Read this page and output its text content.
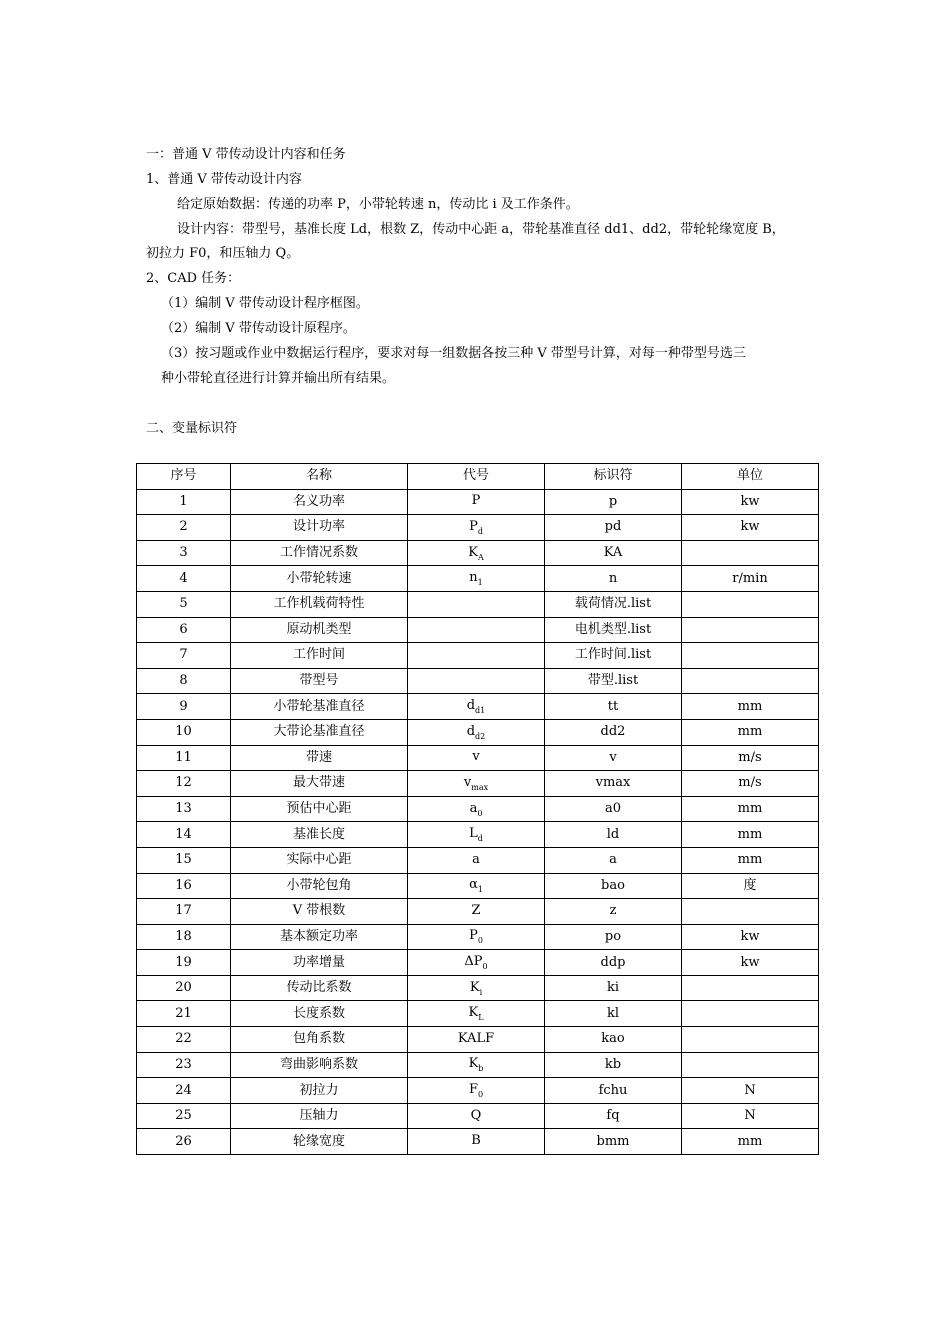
一：普通 V 带传动设计内容和任务
1、普通 V 带传动设计内容
给定原始数据：传递的功率 P，小带轮转速 n，传动比 i 及工作条件。
设计内容：带型号，基准长度 Ld，根数 Z，传动中心距 a，带轮基准直径 dd1、dd2，带轮轮缘宽度 B，
初拉力 F0，和压轴力 Q。
2、CAD 任务：
（1）编制 V 带传动设计程序框图。
（2）编制 V 带传动设计原程序。
（3）按习题或作业中数据运行程序，要求对每一组数据各按三种 V 带型号计算，对每一种带型号选三
种小带轮直径进行计算并输出所有结果。
二、变量标识符
序号	名称	代号	标识符	单位
1	名义功率	P	p	kw
2	设计功率	$P_d$	pd	kw
3	工作情况系数	$K_A$	KA	
4	小带轮转速	$n_1$	n	r/min
5	工作机载荷特性		载荷情况.list	
6	原动机类型		电机类型.list	
7	工作时间		工作时间.list	
8	带型号		带型.list	
9	小带轮基准直径	$d_{d1}$	tt	mm
10	大带论基准直径	$d_{d2}$	dd2	mm
11	带速	v	v	m/s
12	最大带速	$v_{max}$	vmax	m/s
13	预估中心距	$a_0$	a0	mm
14	基准长度	$L_d$	ld	mm
15	实际中心距	a	a	mm
16	小带轮包角	$\alpha_1$	bao	度
17	V 带根数	Z	z	
18	基本额定功率	$P_0$	po	kw
19	功率增量	$\Delta P_0$	ddp	kw
20	传动比系数	$K_i$	ki	
21	长度系数	$K_L$	kl	
22	包角系数	KALF	kao	
23	弯曲影响系数	$K_b$	kb	
24	初拉力	$F_0$	fchu	N
25	压轴力	Q	fq	N
26	轮缘宽度	B	bmm	mm
